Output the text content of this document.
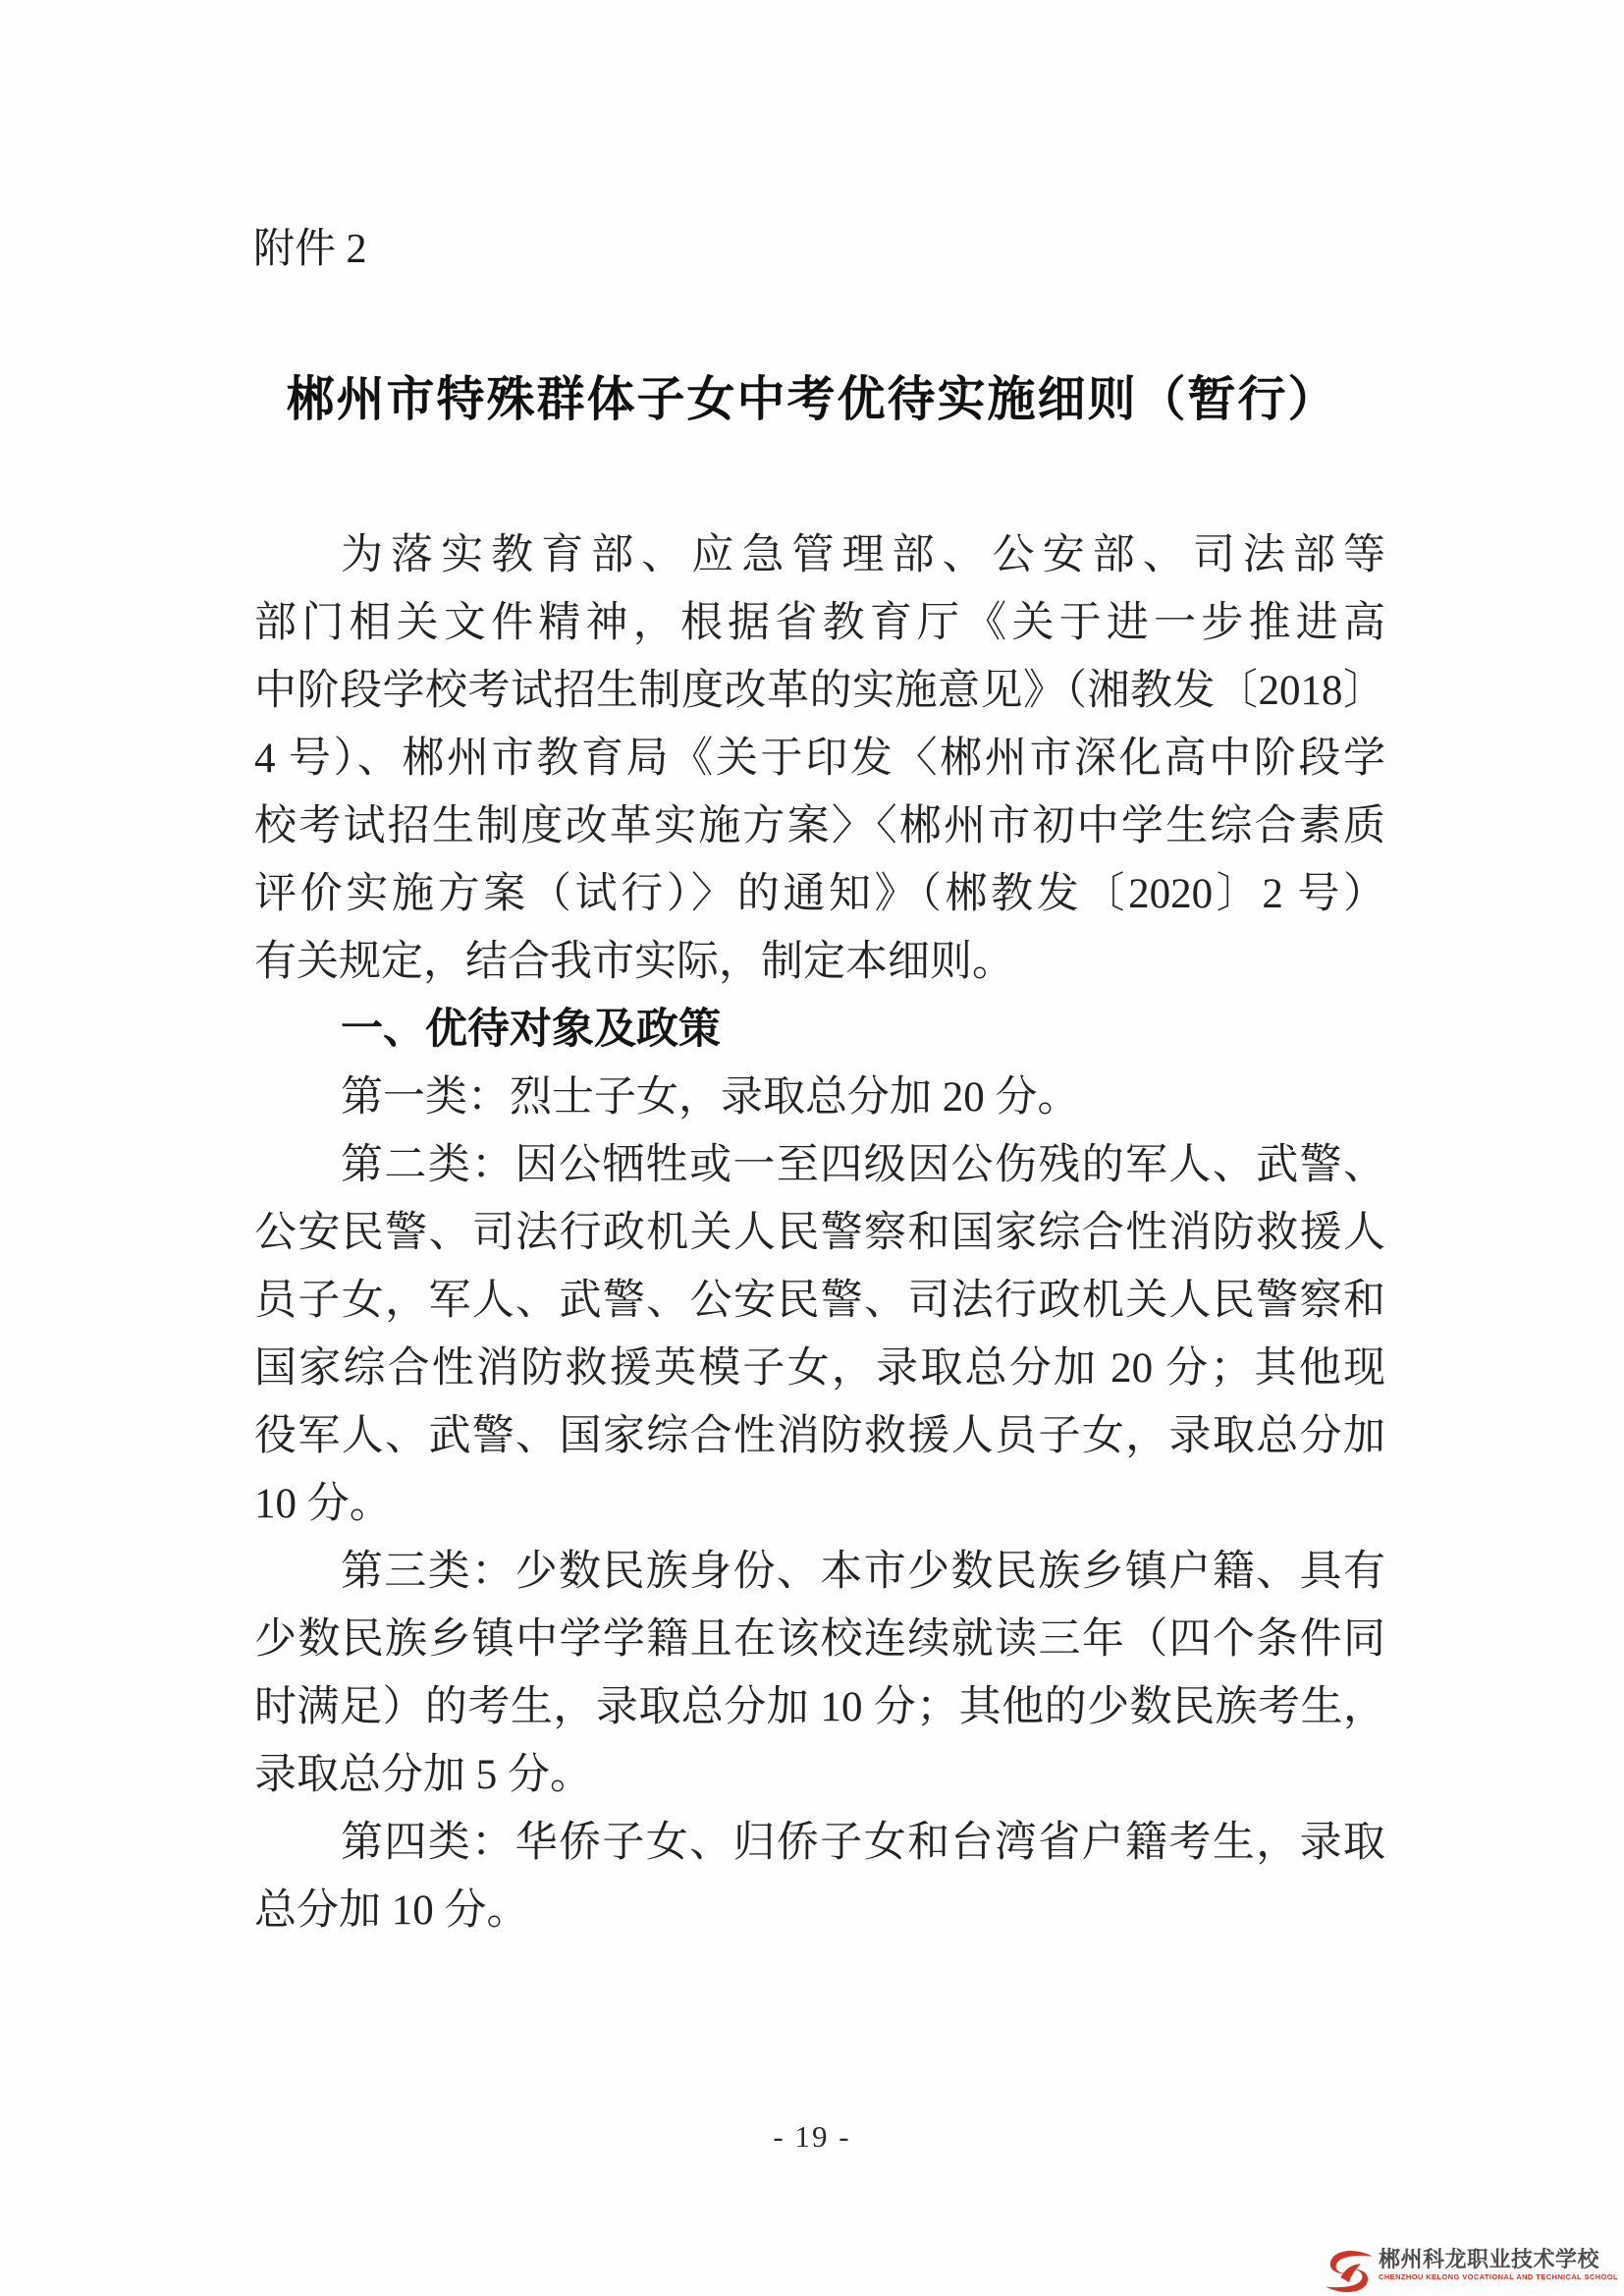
附件 2
郴州市特殊群体子女中考优待实施细则（暂行）
为落实教育部、应急管理部、公安部、司法部等
部门相关文件精神，根据省教育厅《关于进一步推进高
中阶段学校考试招生制度改革的实施意见》（湘教发〔2018〕
4 号）、郴州市教育局《关于印发〈郴州市深化高中阶段学
校考试招生制度改革实施方案〉〈郴州市初中学生综合素质
评价实施方案（试行）〉的通知》（郴教发〔2020〕2 号）
有关规定，结合我市实际，制定本细则。
一、优待对象及政策
第一类：烈士子女，录取总分加 20 分。
第二类：因公牺牲或一至四级因公伤残的军人、武警、
公安民警、司法行政机关人民警察和国家综合性消防救援人
员子女，军人、武警、公安民警、司法行政机关人民警察和
国家综合性消防救援英模子女，录取总分加 20 分；其他现
役军人、武警、国家综合性消防救援人员子女，录取总分加
10 分。
第三类：少数民族身份、本市少数民族乡镇户籍、具有
少数民族乡镇中学学籍且在该校连续就读三年（四个条件同
时满足）的考生，录取总分加 10 分；其他的少数民族考生，
录取总分加 5 分。
第四类：华侨子女、归侨子女和台湾省户籍考生，录取
总分加 10 分。
- 19 -
郴州科龙职业技术学校
CHENZHOU KELONG VOCATIONAL AND TECHNICAL SCHOOL
